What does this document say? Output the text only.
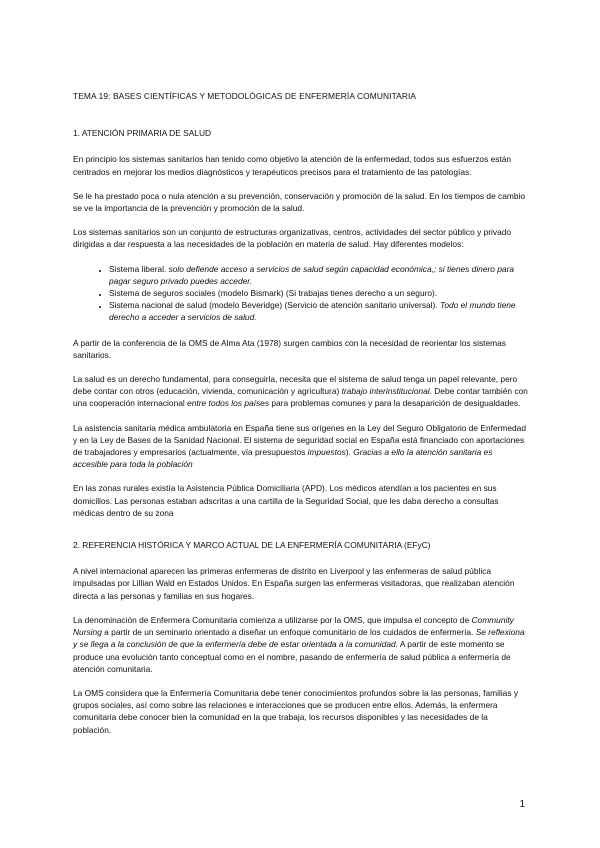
TEMA 19: BASES CIENTÍFICAS Y METODOLÓGICAS DE ENFERMERÍA COMUNITARIA
1. ATENCIÓN PRIMARIA DE SALUD

En principio los sistemas sanitarios han tenido como objetivo la atención de la enfermedad, todos sus esfuerzos están centrados en mejorar los medios diagnósticos y terapéuticos precisos para el tratamiento de las patologías.

Se le ha prestado poca o nula atención a su prevención, conservación y promoción de la salud. En los tiempos de cambio se ve la importancia de la prevención y promoción de la salud.

Los sistemas sanitarios son un conjunto de estructuras organizativas, centros, actividades del sector público y privado dirigidas a dar respuesta a las necesidades de la población en materia de salud. Hay diferentes modelos:

• Sistema liberal. solo defiende acceso a servicios de salud según capacidad económica,; si tienes dinero para pagar seguro privado puedes acceder.
• Sistema de seguros sociales (modelo Bismark) (Si trabajas tienes derecho a un seguro).
• Sistema nacional de salud (modelo Beveridge) (Servicio de atención sanitario universal). Todo el mundo tiene derecho a acceder a servicios de salud.

A partir de la conferencia de la OMS de Alma Ata (1978) surgen cambios con la necesidad de reorientar los sistemas sanitarios.

La salud es un derecho fundamental, para conseguirla, necesita que el sistema de salud tenga un papel relevante, pero debe contar con otros (educación, vivienda, comunicación y agricultura) trabajo interinstitucional. Debe contar también con una cooperación internacional entre todos los países para problemas comunes y para la desaparición de desigualdades.

La asistencia sanitaria médica ambulatoria en España tiene sus orígenes en la Ley del Seguro Obligatorio de Enfermedad y en la Ley de Bases de la Sanidad Nacional. El sistema de seguridad social en España está financiado con aportaciones de trabajadores y empresarios (actualmente, vía presupuestos impuestos). Gracias a ello la atención sanitaria es accesible para toda la población

En las zonas rurales existía la Asistencia Pública Domiciliaria (APD). Los médicos atendían a los pacientes en sus domicilios. Las personas estaban adscritas a una cartilla de la Seguridad Social, que les daba derecho a consultas médicas dentro de su zona

2. REFERENCIA HISTÓRICA Y MARCO ACTUAL DE LA ENFERMERÍA COMUNITARIA (EFyC)

A nivel internacional aparecen las primeras enfermeras de distrito en Liverpool y las enfermeras de salud pública impulsadas por Lillian Wald en Estados Unidos. En España surgen las enfermeras visitadoras, que realizaban atención directa a las personas y familias en sus hogares.

La denominación de Enfermera Comunitaria comienza a utilizarse por la OMS, que impulsa el concepto de Community Nursing a partir de un seminario orientado a diseñar un enfoque comunitario de los cuidados de enfermería. Se reflexiona y se llega a la conclusión de que la enfermería debe de estar orientada a la comunidad. A partir de este momento se produce una evolución tanto conceptual como en el nombre, pasando de enfermería de salud pública a enfermería de atención comunitaria.

La OMS considera que la Enfermería Comunitaria debe tener conocimientos profundos sobre la las personas, familias y grupos sociales, así como sobre las relaciones e interacciones que se producen entre ellos. Además, la enfermera comunitaria debe conocer bien la comunidad en la que trabaja, los recursos disponibles y las necesidades de la población.

1
